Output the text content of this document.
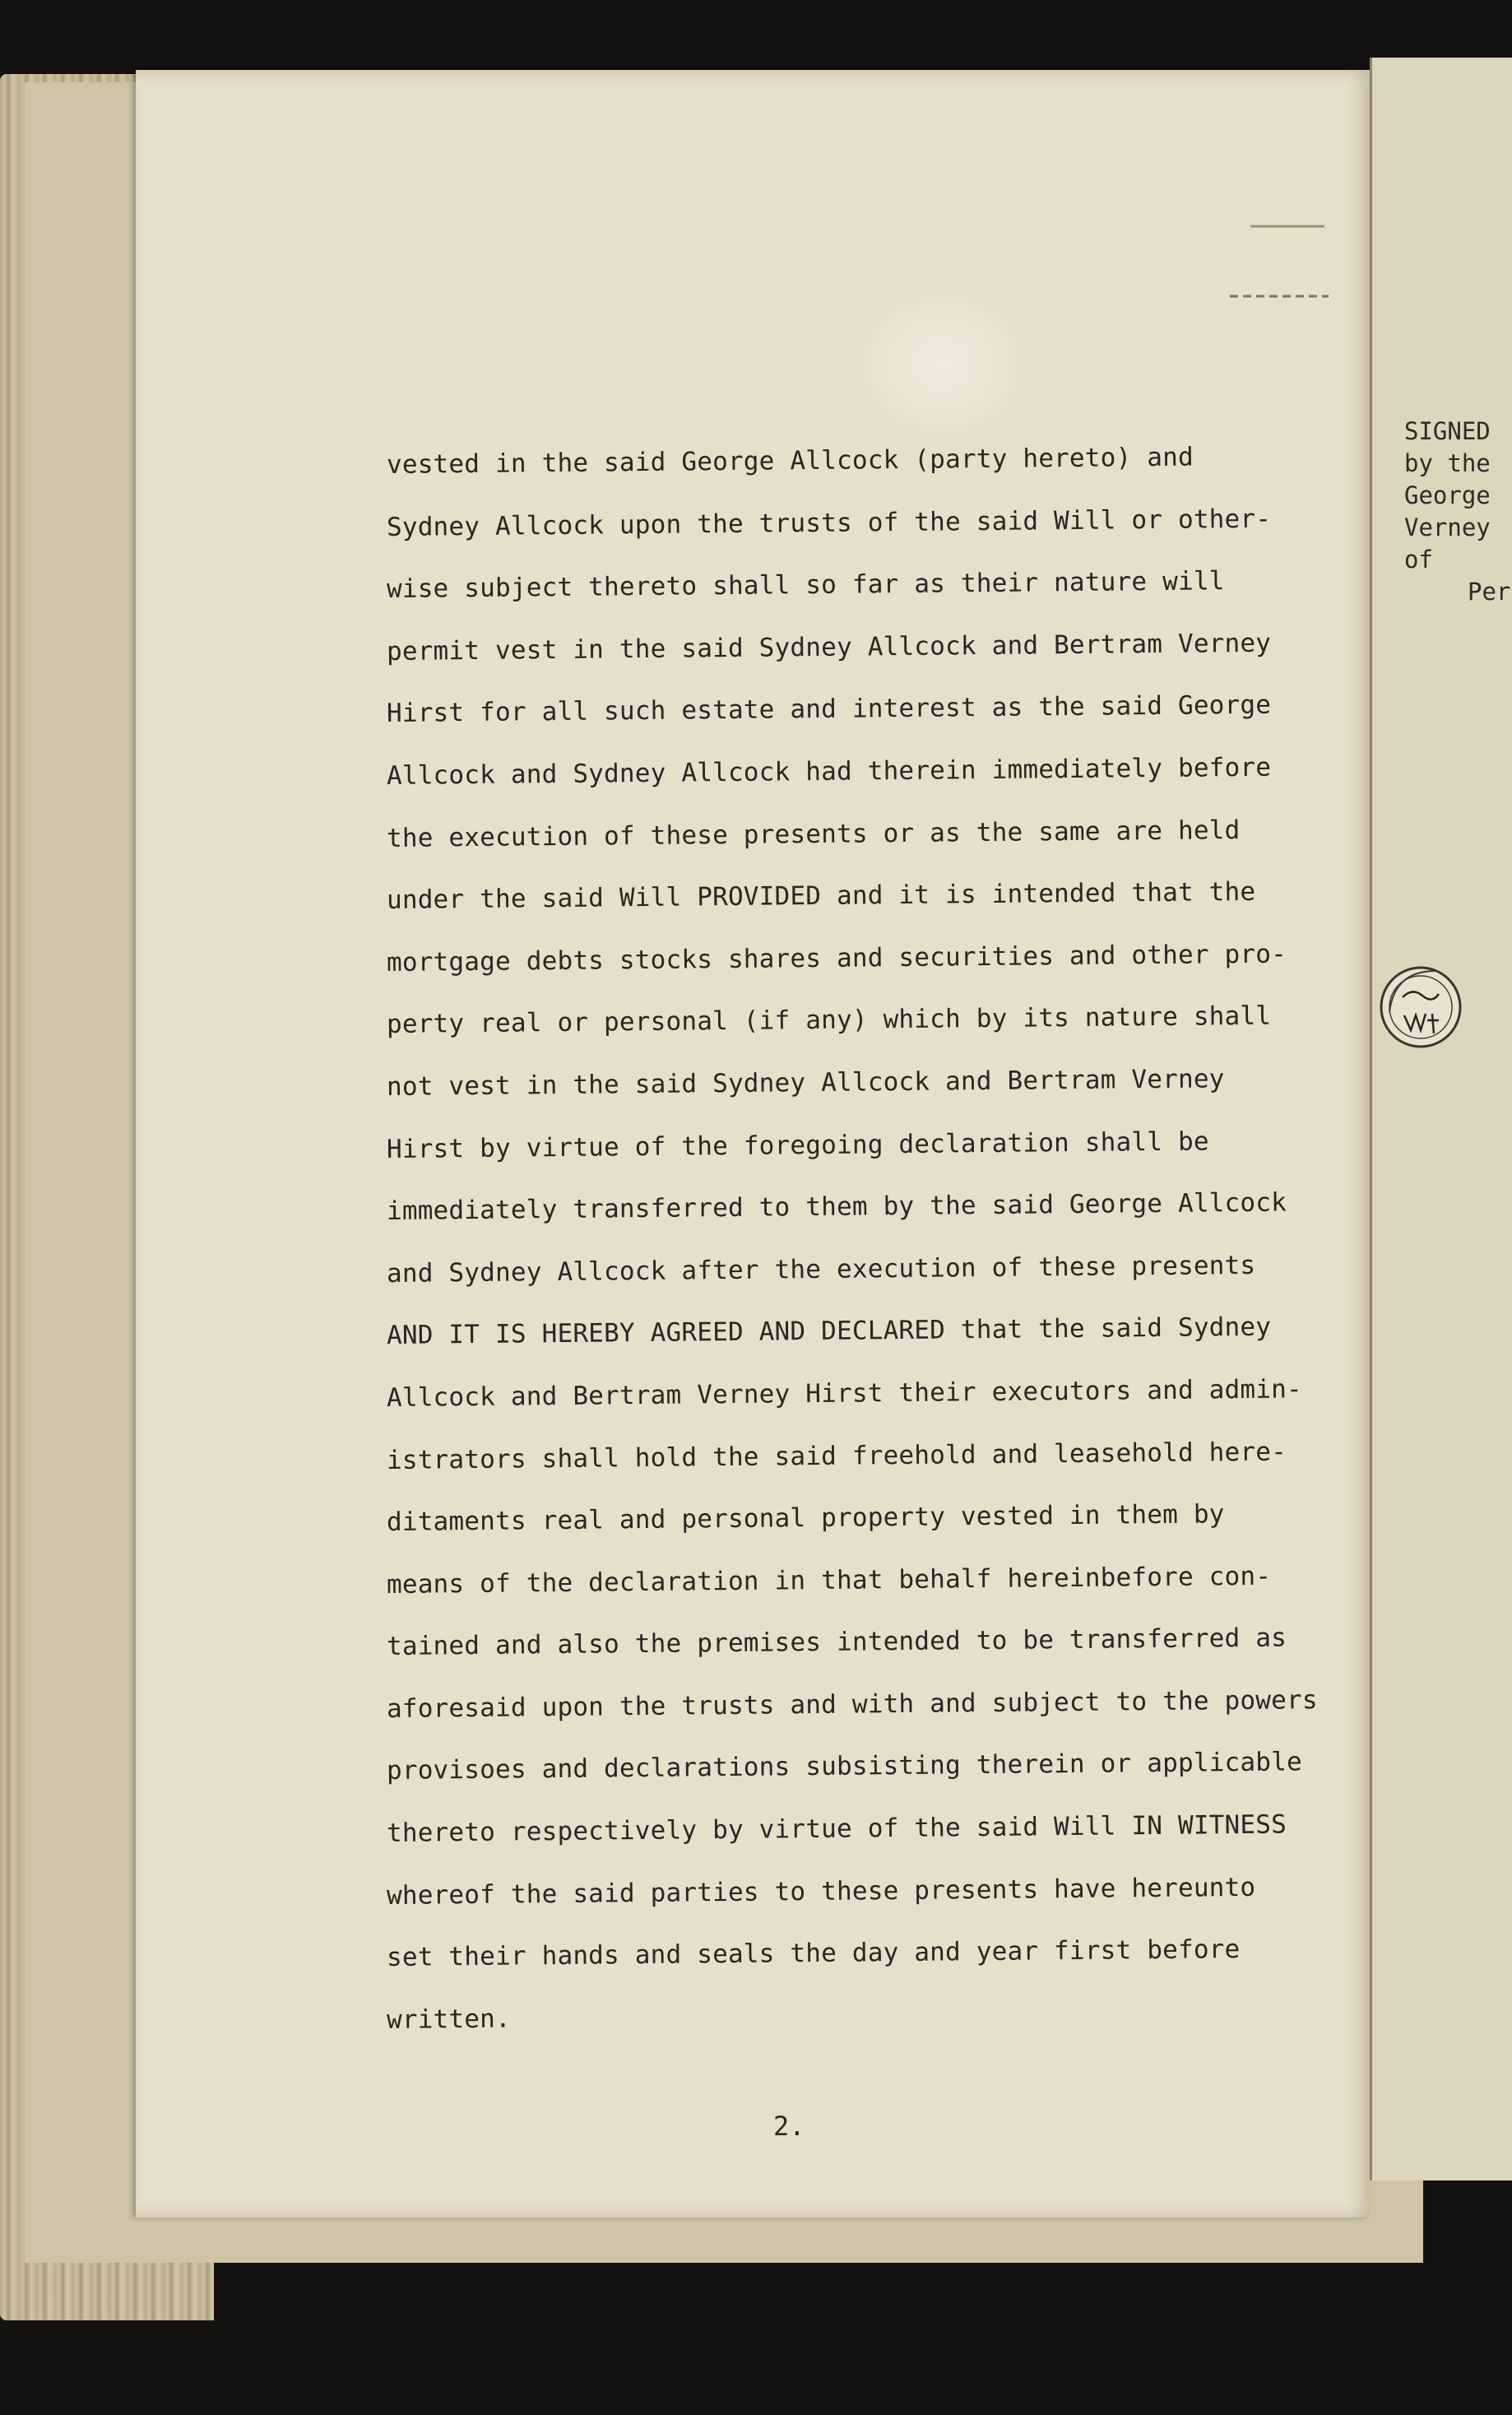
vested in the said George Allcock (party hereto) and
Sydney Allcock upon the trusts of the said Will or other-
wise subject thereto shall so far as their nature will
permit vest in the said Sydney Allcock and Bertram Verney
Hirst for all such estate and interest as the said George
Allcock and Sydney Allcock had therein immediately before
the execution of these presents or as the same are held
under the said Will PROVIDED and it is intended that the
mortgage debts stocks shares and securities and other pro-
perty real or personal (if any) which by its nature shall
not vest in the said Sydney Allcock and Bertram Verney
Hirst by virtue of the foregoing declaration shall be
immediately transferred to them by the said George Allcock
and Sydney Allcock after the execution of these presents
AND IT IS HEREBY AGREED AND DECLARED that the said Sydney
Allcock and Bertram Verney Hirst their executors and admin-
istrators shall hold the said freehold and leasehold here-
ditaments real and personal property vested in them by
means of the declaration in that behalf hereinbefore con-
tained and also the premises intended to be transferred as
aforesaid upon the trusts and with and subject to the powers
provisoes and declarations subsisting therein or applicable
thereto respectively by virtue of the said Will IN WITNESS
whereof the said parties to these presents have hereunto
set their hands and seals the day and year first before
written.
2.
SIGNED
by the
George
Verney
of
Per
